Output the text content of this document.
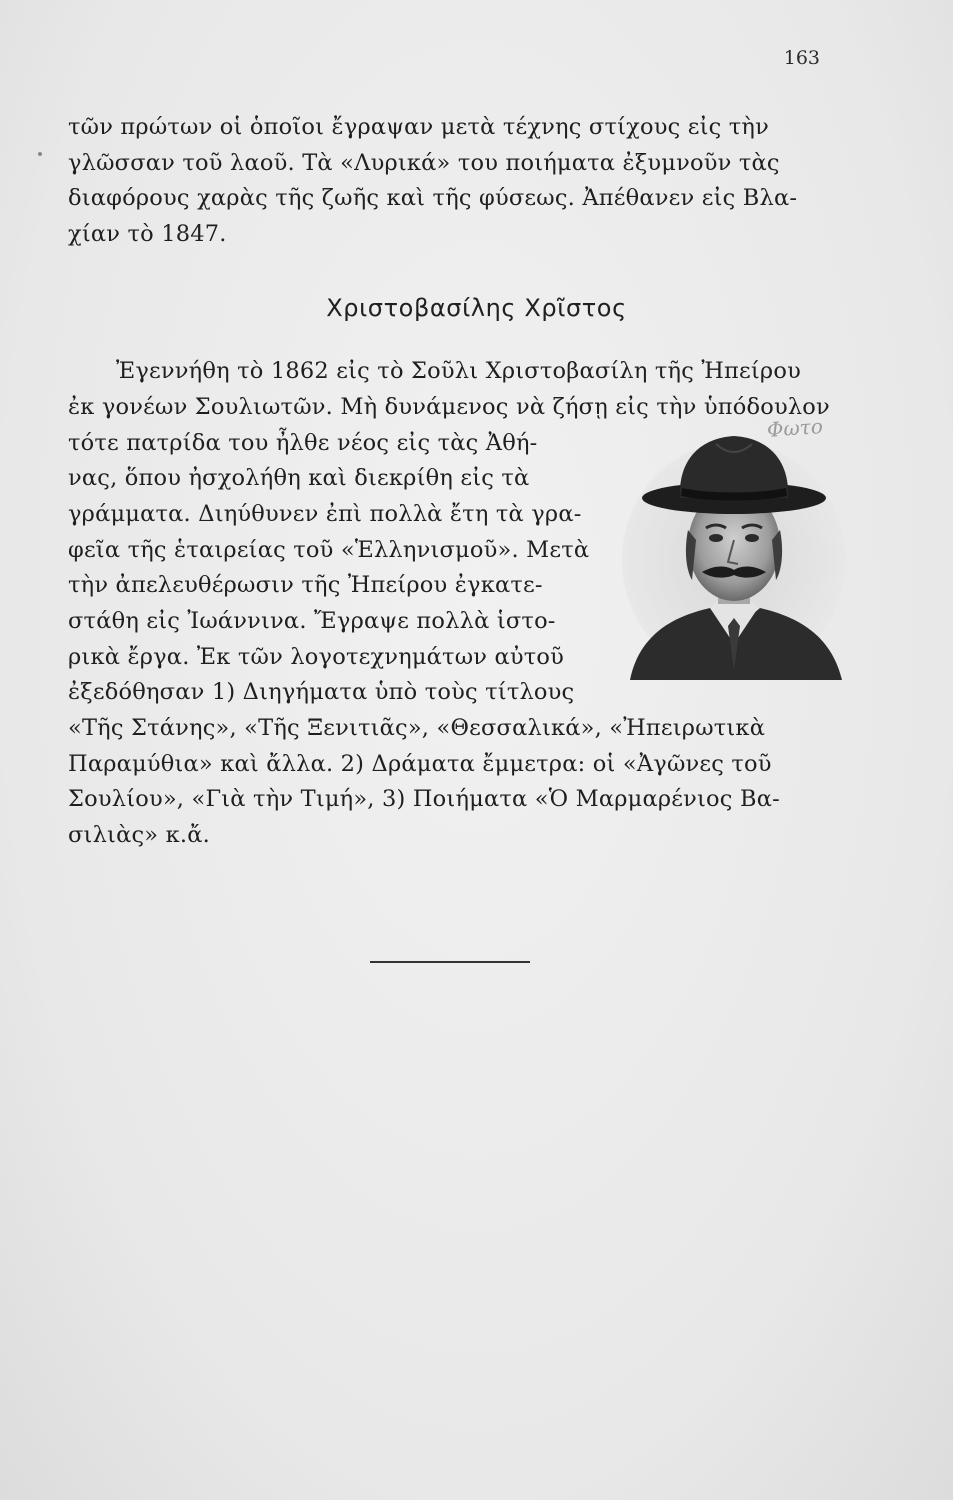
163
τῶν πρώτων οἱ ὁποῖοι ἔγραψαν μετὰ τέχνης στίχους εἰς τὴν
γλῶσσαν τοῦ λαοῦ. Τὰ «Λυρικά» του ποιήματα ἐξυμνοῦν τὰς
διαφόρους χαρὰς τῆς ζωῆς καὶ τῆς φύσεως. Ἀπέθανεν εἰς Βλα-
χίαν τὸ 1847.
Χριστοβασίλης Χρῖστος
Φωτο
Ἐγεννήθη τὸ 1862 εἰς τὸ Σοῦλι Χριστοβασίλη τῆς Ἠπείρου
ἐκ γονέων Σουλιωτῶν. Μὴ δυνάμενος νὰ ζήσῃ εἰς τὴν ὑπόδουλον
τότε πατρίδα του ἦλθε νέος εἰς τὰς Ἀθή-
νας, ὅπου ἠσχολήθη καὶ διεκρίθη εἰς τὰ
γράμματα. Διηύθυνεν ἐπὶ πολλὰ ἔτη τὰ γρα-
φεῖα τῆς ἑταιρείας τοῦ «Ἑλληνισμοῦ». Μετὰ
τὴν ἀπελευθέρωσιν τῆς Ἠπείρου ἐγκατε-
στάθη εἰς Ἰωάννινα. Ἔγραψε πολλὰ ἱστο-
ρικὰ ἔργα. Ἐκ τῶν λογοτεχνημάτων αὐτοῦ
ἐξεδόθησαν 1) Διηγήματα ὑπὸ τοὺς τίτλους
«Τῆς Στάνης», «Τῆς Ξενιτιᾶς», «Θεσσαλικά», «Ἠπειρωτικὰ
Παραμύθια» καὶ ἄλλα. 2) Δράματα ἔμμετρα: οἱ «Ἀγῶνες τοῦ
Σουλίου», «Γιὰ τὴν Τιμή», 3) Ποιήματα «Ὁ Μαρμαρένιος Βα-
σιλιὰς» κ.ἄ.
